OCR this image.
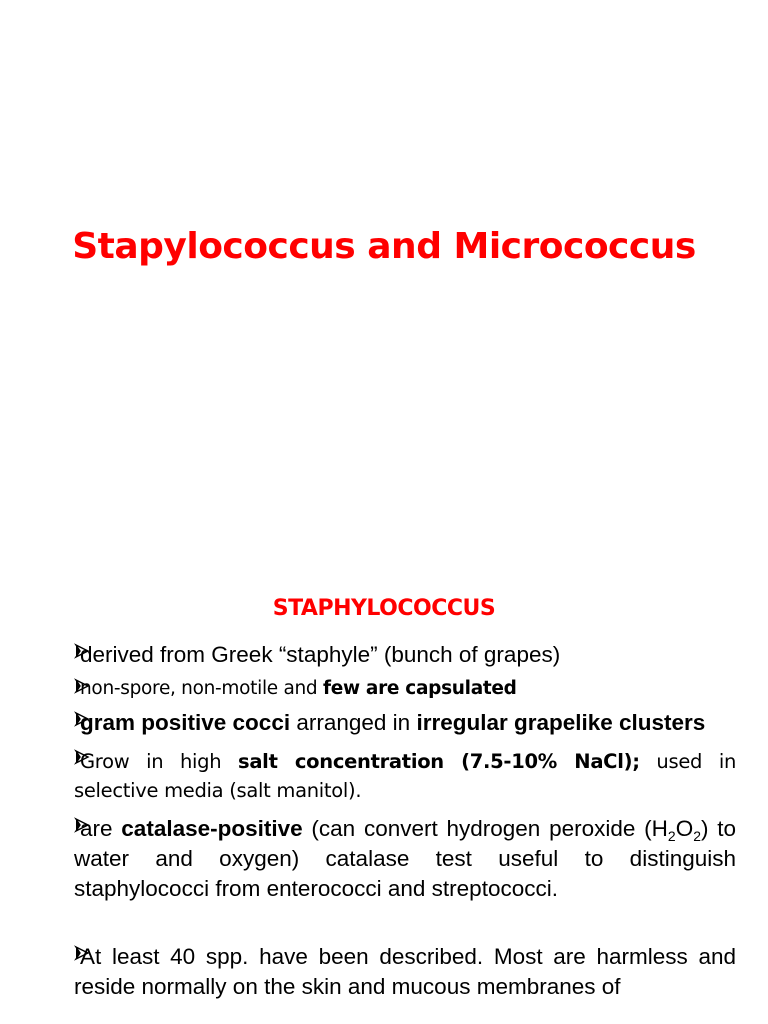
Stapylococcus and Micrococcus
STAPHYLOCOCCUS
derived from Greek “staphyle” (bunch of grapes)
non-spore, non-motile and few are capsulated
gram positive cocci arranged in irregular grapelike clusters
Grow in high salt concentration (7.5-10% NaCl); used in selective media (salt manitol).
are catalase-positive (can convert hydrogen peroxide $(H_2O_2)$ to water and oxygen) catalase test useful to distinguish staphylococci from enterococci and streptococci.
At least 40 spp. have been described. Most are harmless and reside normally on the skin and mucous membranes of
